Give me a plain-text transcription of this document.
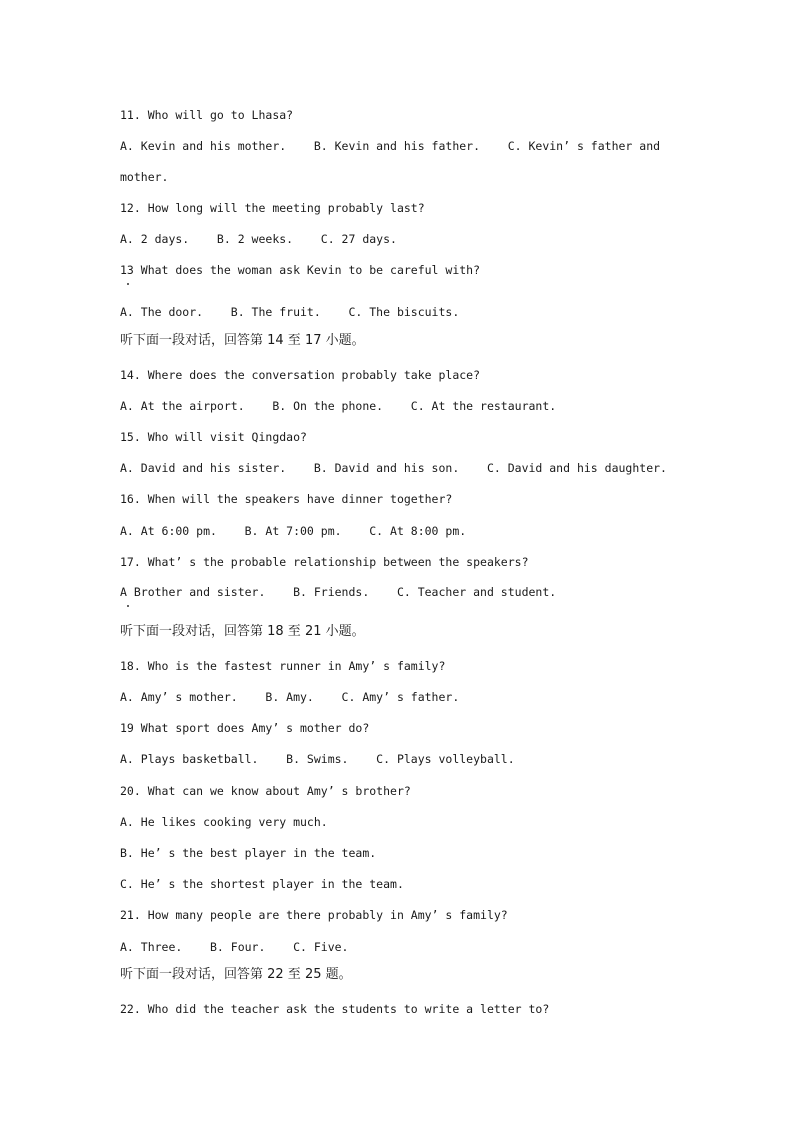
11. Who will go to Lhasa?
A. Kevin and his mother.    B. Kevin and his father.    C. Kevin’ s father and
mother.
12. How long will the meeting probably last?
A. 2 days.    B. 2 weeks.    C. 27 days.
13 What does the woman ask Kevin to be careful with?
A. The door.    B. The fruit.    C. The biscuits.
听下面一段对话，回答第 14 至 17 小题。
14. Where does the conversation probably take place?
A. At the airport.    B. On the phone.    C. At the restaurant.
15. Who will visit Qingdao?
A. David and his sister.    B. David and his son.    C. David and his daughter.
16. When will the speakers have dinner together?
A. At 6:00 pm.    B. At 7:00 pm.    C. At 8:00 pm.
17. What’ s the probable relationship between the speakers?
A Brother and sister.    B. Friends.    C. Teacher and student.
听下面一段对话，回答第 18 至 21 小题。
18. Who is the fastest runner in Amy’ s family?
A. Amy’ s mother.    B. Amy.    C. Amy’ s father.
19 What sport does Amy’ s mother do?
A. Plays basketball.    B. Swims.    C. Plays volleyball.
20. What can we know about Amy’ s brother?
A. He likes cooking very much.
B. He’ s the best player in the team.
C. He’ s the shortest player in the team.
21. How many people are there probably in Amy’ s family?
A. Three.    B. Four.    C. Five.
听下面一段对话，回答第 22 至 25 题。
22. Who did the teacher ask the students to write a letter to?
